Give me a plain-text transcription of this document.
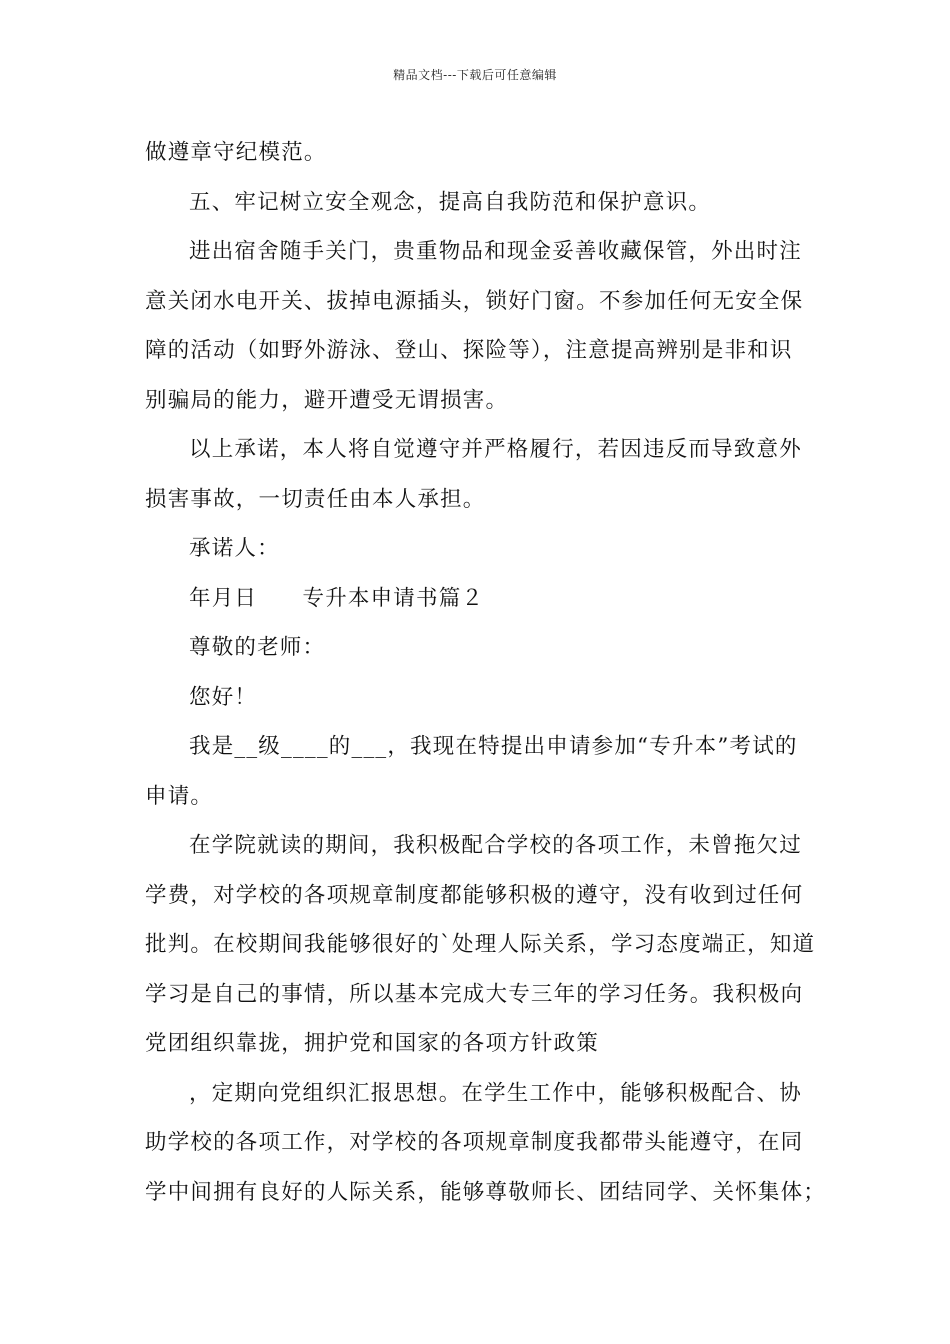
精品文档---下载后可任意编辑
做遵章守纪模范。
五、牢记树立安全观念，提高自我防范和保护意识。
进出宿舍随手关门，贵重物品和现金妥善收藏保管，外出时注
意关闭水电开关、拔掉电源插头，锁好门窗。不参加任何无安全保
障的活动（如野外游泳、登山、探险等），注意提高辨别是非和识
别骗局的能力，避开遭受无谓损害。
以上承诺，本人将自觉遵守并严格履行，若因违反而导致意外
损害事故，一切责任由本人承担。
承诺人：
年月日　　专升本申请书篇２
尊敬的老师：
您好！
我是__级____的___，我现在特提出申请参加“专升本”考试的
申请。
在学院就读的期间，我积极配合学校的各项工作，未曾拖欠过
学费，对学校的各项规章制度都能够积极的遵守，没有收到过任何
批判。在校期间我能够很好的`处理人际关系，学习态度端正，知道
学习是自己的事情，所以基本完成大专三年的学习任务。我积极向
党团组织靠拢，拥护党和国家的各项方针政策
，定期向党组织汇报思想。在学生工作中，能够积极配合、协
助学校的各项工作，对学校的各项规章制度我都带头能遵守，在同
学中间拥有良好的人际关系，能够尊敬师长、团结同学、关怀集体；
